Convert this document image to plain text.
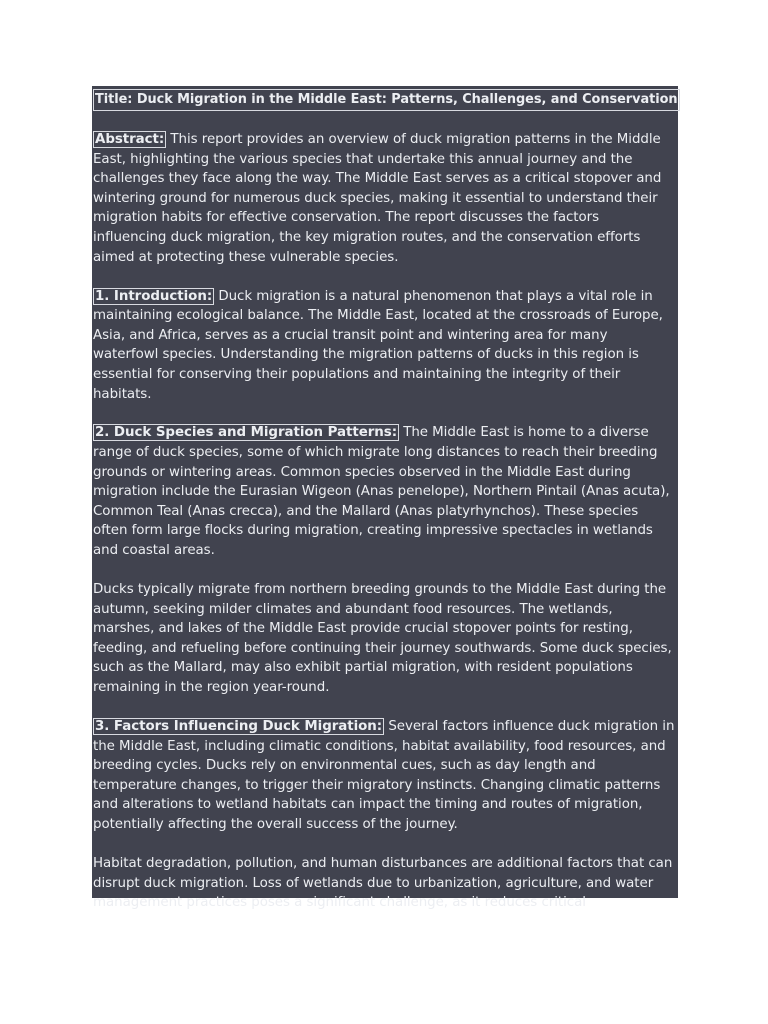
Title: Duck Migration in the Middle East: Patterns, Challenges, and Conservation

Abstract: This report provides an overview of duck migration patterns in the Middle East, highlighting the various species that undertake this annual journey and the challenges they face along the way. The Middle East serves as a critical stopover and wintering ground for numerous duck species, making it essential to understand their migration habits for effective conservation. The report discusses the factors influencing duck migration, the key migration routes, and the conservation efforts aimed at protecting these vulnerable species.

1. Introduction: Duck migration is a natural phenomenon that plays a vital role in maintaining ecological balance. The Middle East, located at the crossroads of Europe, Asia, and Africa, serves as a crucial transit point and wintering area for many waterfowl species. Understanding the migration patterns of ducks in this region is essential for conserving their populations and maintaining the integrity of their habitats.

2. Duck Species and Migration Patterns: The Middle East is home to a diverse range of duck species, some of which migrate long distances to reach their breeding grounds or wintering areas. Common species observed in the Middle East during migration include the Eurasian Wigeon (Anas penelope), Northern Pintail (Anas acuta), Common Teal (Anas crecca), and the Mallard (Anas platyrhynchos). These species often form large flocks during migration, creating impressive spectacles in wetlands and coastal areas.

Ducks typically migrate from northern breeding grounds to the Middle East during the autumn, seeking milder climates and abundant food resources. The wetlands, marshes, and lakes of the Middle East provide crucial stopover points for resting, feeding, and refueling before continuing their journey southwards. Some duck species, such as the Mallard, may also exhibit partial migration, with resident populations remaining in the region year-round.

3. Factors Influencing Duck Migration: Several factors influence duck migration in the Middle East, including climatic conditions, habitat availability, food resources, and breeding cycles. Ducks rely on environmental cues, such as day length and temperature changes, to trigger their migratory instincts. Changing climatic patterns and alterations to wetland habitats can impact the timing and routes of migration, potentially affecting the overall success of the journey.

Habitat degradation, pollution, and human disturbances are additional factors that can disrupt duck migration. Loss of wetlands due to urbanization, agriculture, and water management practices poses a significant challenge, as it reduces critical
